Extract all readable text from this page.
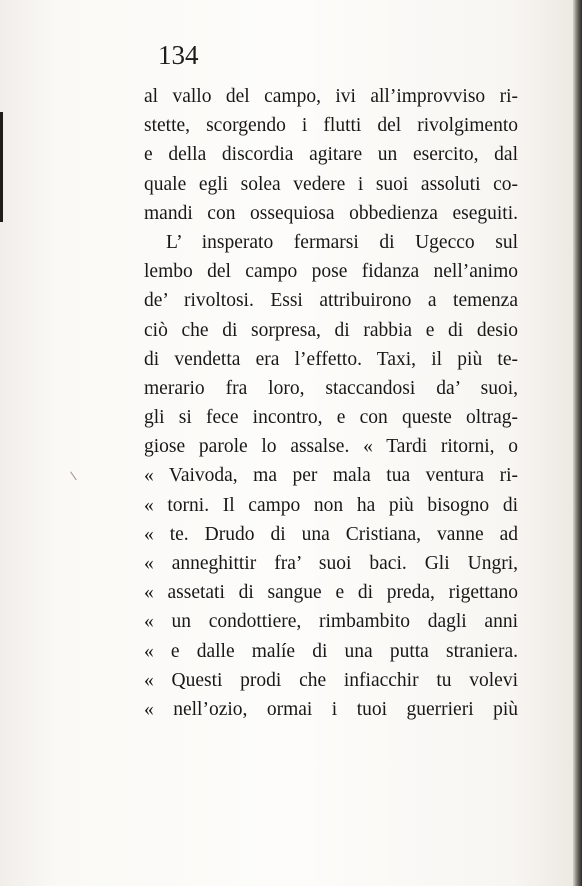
134
al vallo del campo, ivi all’improvviso ri-
stette, scorgendo i flutti del rivolgimento
e della discordia agitare un esercito, dal
quale egli solea vedere i suoi assoluti co-
mandi con ossequiosa obbedienza eseguiti.
L’ insperato fermarsi di Ugecco sul
lembo del campo pose fidanza nell’animo
de’ rivoltosi. Essi attribuirono a temenza
ciò che di sorpresa, di rabbia e di desio
di vendetta era l’effetto. Taxi, il più te-
merario fra loro, staccandosi da’ suoi,
gli si fece incontro, e con queste oltrag-
giose parole lo assalse. « Tardi ritorni, o
« Vaivoda, ma per mala tua ventura ri-
« torni. Il campo non ha più bisogno di
« te. Drudo di una Cristiana, vanne ad
« anneghittir fra’ suoi baci. Gli Ungri,
« assetati di sangue e di preda, rigettano
« un condottiere, rimbambito dagli anni
« e dalle malíe di una putta straniera.
« Questi prodi che infiacchir tu volevi
« nell’ozio, ormai i tuoi guerrieri più
